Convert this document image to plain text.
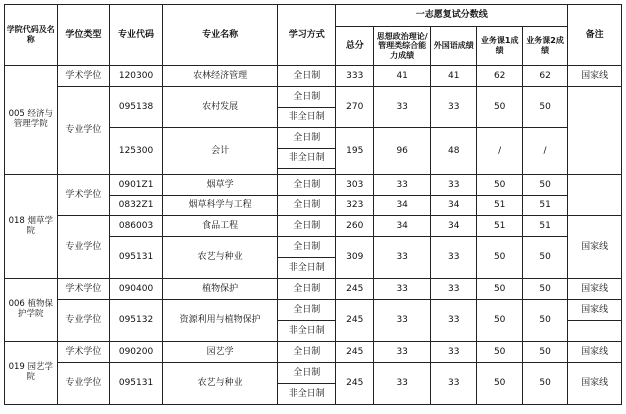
学院代码及名称	学位类型	专业代码	专业名称	学习方式	一志愿复试分数线					备注
					总分	思想政治理论/管理类综合能力成绩	外国语成绩	业务课1成绩	业务课2成绩	
005 经济与管理学院	学术学位	120300	农林经济管理	全日制	333	41	41	62	62	国家线
	专业学位	095138	农村发展	全日制	270	33	33	50	50	
				非全日制						
		125300	会计	全日制	195	96	48	/	/	
				非全日制						

018 烟草学院	学术学位	0901Z1	烟草学	全日制	303	33	33	50	50	
		0832Z1	烟草科学与工程	全日制	323	34	34	51	51	
	专业学位	086003	食品工程	全日制	260	34	34	51	51	国家线
		095131	农艺与种业	全日制	309	33	33	50	50	
				非全日制						
006 植物保护学院	学术学位	090400	植物保护	全日制	245	33	33	50	50	国家线
	专业学位	095132	资源利用与植物保护	全日制	245	33	33	50	50	国家线
				非全日制						
019 园艺学院	学术学位	090200	园艺学	全日制	245	33	33	50	50	国家线
	专业学位	095131	农艺与种业	全日制	245	33	33	50	50	国家线
				非全日制						
